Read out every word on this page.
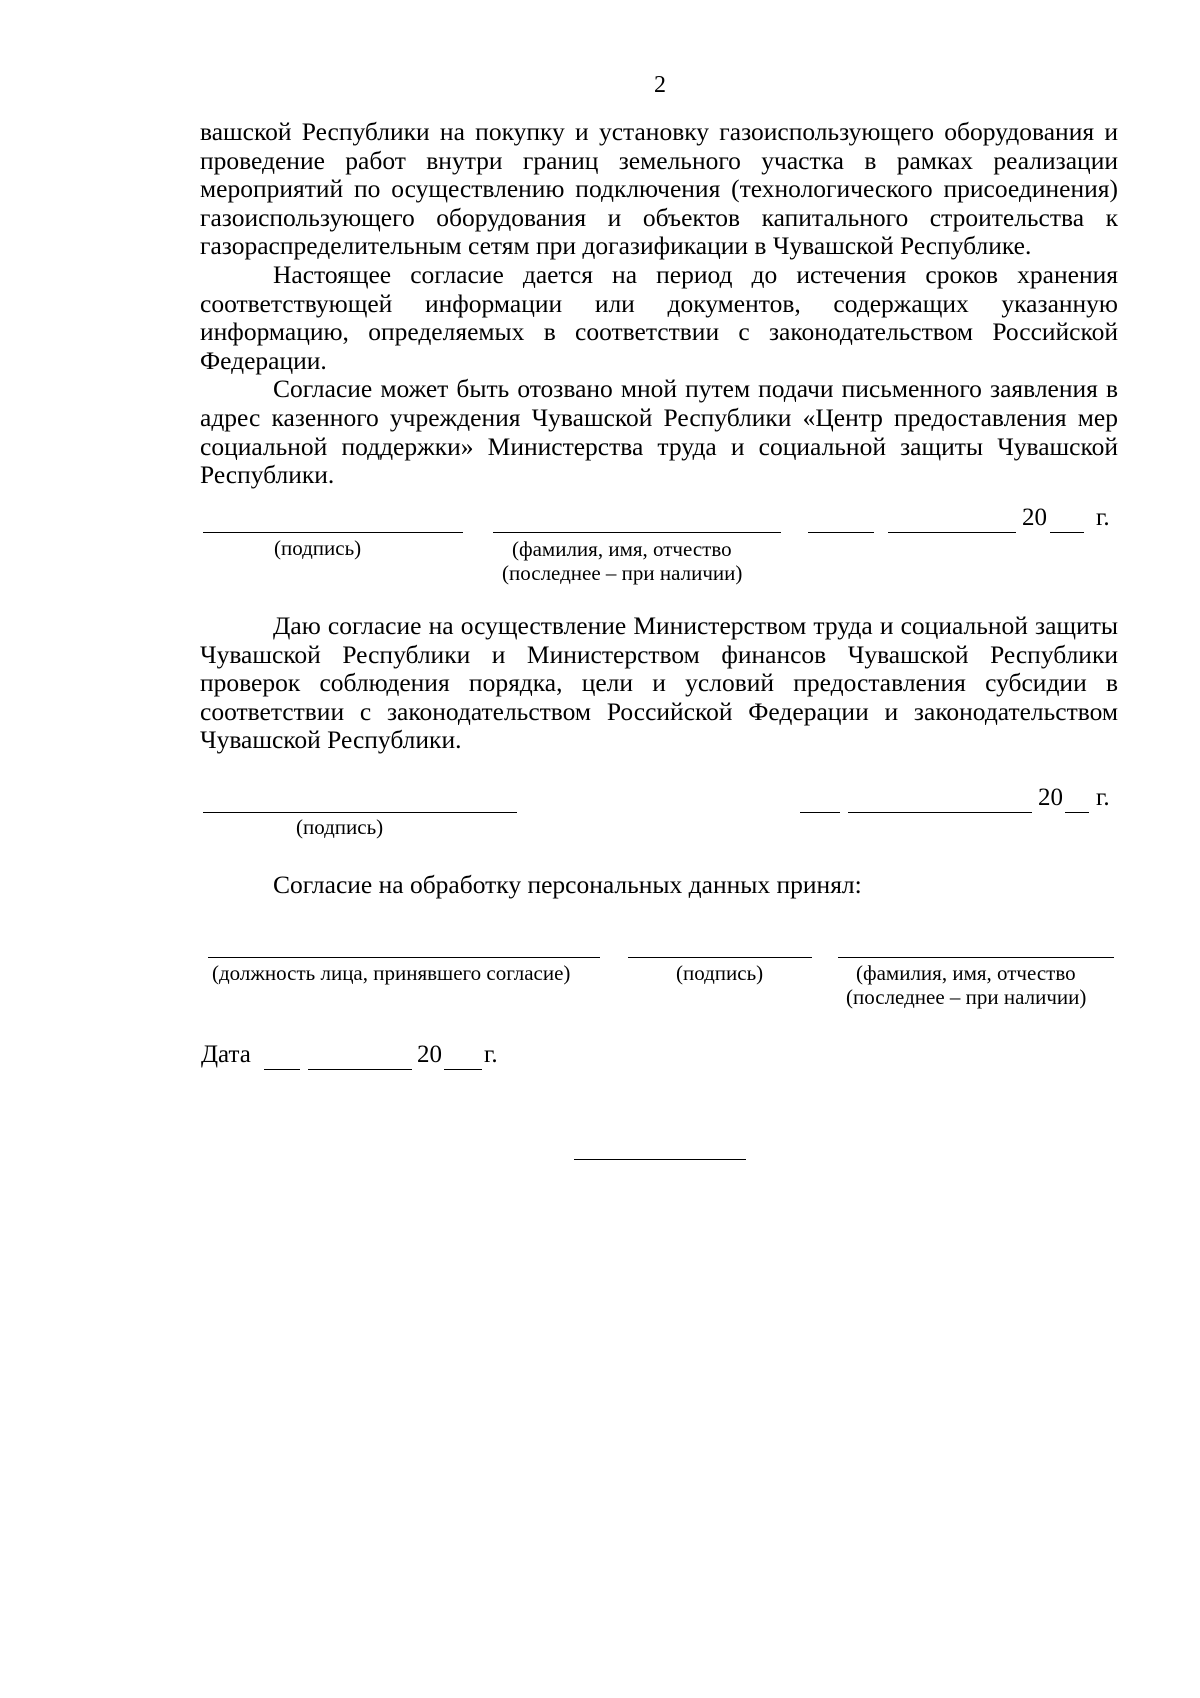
2

вашской Республики на покупку и установку газоиспользующего оборудования и проведение работ внутри границ земельного участка в рамках реализации мероприятий по осуществлению подключения (технологического присоединения) газоиспользующего оборудования и объектов капитального строительства к газораспределительным сетям при догазификации в Чувашской Республике.

Настоящее согласие дается на период до истечения сроков хранения соответствующей информации или документов, содержащих указанную информацию, определяемых в соответствии с законодательством Российской Федерации.

Согласие может быть отозвано мной путем подачи письменного заявления в адрес казенного учреждения Чувашской Республики «Центр предоставления мер социальной поддержки» Министерства труда и социальной защиты Чувашской Республики.

20 г.
(подпись)	(фамилия, имя, отчество
(последнее – при наличии)

Даю согласие на осуществление Министерством труда и социальной защиты Чувашской Республики и Министерством финансов Чувашской Республики проверок соблюдения порядка, цели и условий предоставления субсидии в соответствии с законодательством Российской Федерации и законодательством Чувашской Республики.

20 г.
(подпись)
Согласие на обработку персональных данных принял:
(должность лица, принявшего согласие)	(подпись)	(фамилия, имя, отчество
(последнее – при наличии)
Дата	20 г.
